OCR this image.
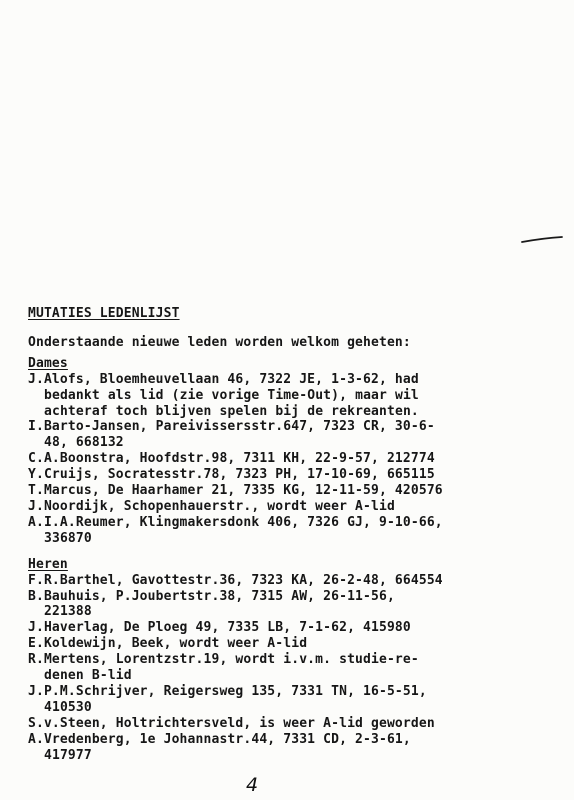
MUTATIES LEDENLIJST
Onderstaande nieuwe leden worden welkom geheten:
Dames
J.Alofs, Bloemheuvellaan 46, 7322 JE, 1-3-62, had
bedankt als lid (zie vorige Time-Out), maar wil
achteraf toch blijven spelen bij de rekreanten.
I.Barto-Jansen, Pareivissersstr.647, 7323 CR, 30-6-
48, 668132
C.A.Boonstra, Hoofdstr.98, 7311 KH, 22-9-57, 212774
Y.Cruijs, Socratesstr.78, 7323 PH, 17-10-69, 665115
T.Marcus, De Haarhamer 21, 7335 KG, 12-11-59, 420576
J.Noordijk, Schopenhauerstr., wordt weer A-lid
A.I.A.Reumer, Klingmakersdonk 406, 7326 GJ, 9-10-66,
336870
Heren
F.R.Barthel, Gavottestr.36, 7323 KA, 26-2-48, 664554
B.Bauhuis, P.Joubertstr.38, 7315 AW, 26-11-56,
221388
J.Haverlag, De Ploeg 49, 7335 LB, 7-1-62, 415980
E.Koldewijn, Beek, wordt weer A-lid
R.Mertens, Lorentzstr.19, wordt i.v.m. studie-re-
denen B-lid
J.P.M.Schrijver, Reigersweg 135, 7331 TN, 16-5-51,
410530
S.v.Steen, Holtrichtersveld, is weer A-lid geworden
A.Vredenberg, 1e Johannastr.44, 7331 CD, 2-3-61,
417977
4
